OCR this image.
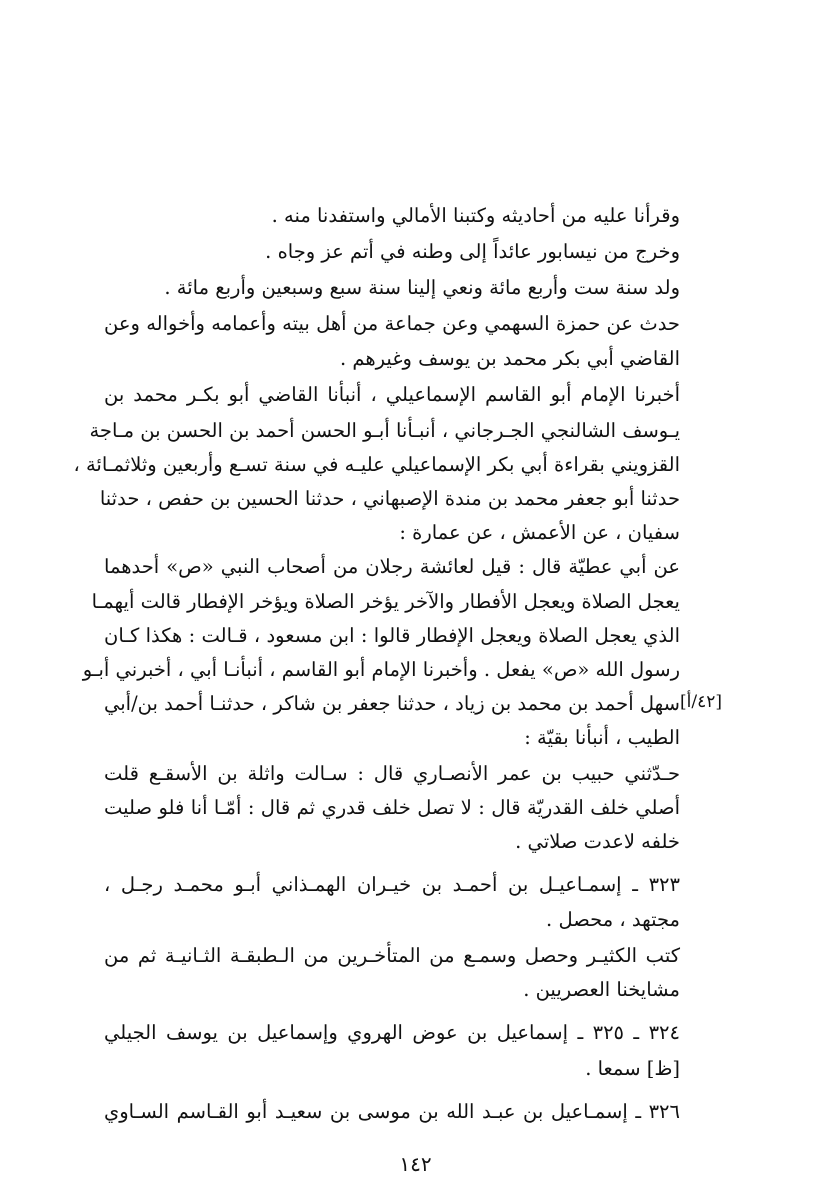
وقرأنا عليه من أحاديثه وكتبنا الأمالي واستفدنا منه .
وخرج من نيسابور عائداً إلى وطنه في أتم عز وجاه .
ولد سنة ست وأربع مائة ونعي إلينا سنة سبع وسبعين وأربع مائة .
حدث عن حمزة السهمي وعن جماعة من أهل بيته وأعمامه وأخواله وعن
القاضي أبي بكر محمد بن يوسف وغيرهم .
أخبرنا الإمام أبو القاسم الإسماعيلي ، أنبأنا القاضي أبو بكـر محمد بن
يـوسف الشالنجي الجـرجاني ، أنبـأنا أبـو الحسن أحمد بن الحسن بن مـاجة
القزويني بقراءة أبي بكر الإسماعيلي عليـه في سنة تسـع وأربعين وثلاثمـائة ،
حدثنا أبو جعفر محمد بن مندة الإصبهاني ، حدثنا الحسين بن حفص ، حدثنا
سفيان ، عن الأعمش ، عن عمارة :
عن أبي عطيّة قال : قيل لعائشة رجلان من أصحاب النبي «ص» أحدهما
يعجل الصلاة ويعجل الأفطار والآخر يؤخر الصلاة ويؤخر الإفطار قالت أيهمـا
الذي يعجل الصلاة ويعجل الإفطار قالوا : ابن مسعود ، قـالت : هكذا كـان
رسول الله «ص» يفعل . وأخبرنا الإمام أبو القاسم ، أنبأنـا أبي ، أخبرني أبـو
سهل أحمد بن محمد بن زياد ، حدثنا جعفر بن شاكر ، حدثنـا أحمد بن/أبي
الطيب ، أنبأنا بقيّة :
حـدّثني حبيب بن عمر الأنصـاري قال : سـالت واثلة بن الأسقـع قلت
أصلي خلف القدريّة قال : لا تصل خلف قدري ثم قال : أمّـا أنا فلو صليت
خلفه لاعدت صلاتي .
٣٢٣ ـ إسمـاعيـل بن أحمـد بن خيـران الهمـذاني أبـو محمـد رجـل ،
مجتهد ، محصل .
كتب الكثيـر وحصل وسمـع من المتأخـرين من الـطبقـة الثـانيـة ثم من
مشايخنا العصريين .
٣٢٤ ـ ٣٢٥ ـ إسماعيل بن عوض الهروي وإسماعيل بن يوسف الجيلي
[ظ] سمعا .
٣٢٦ ـ إسمـاعيل بن عبـد الله بن موسى بن سعيـد أبو القـاسم السـاوي
[٤٢/أ]
١٤٢
